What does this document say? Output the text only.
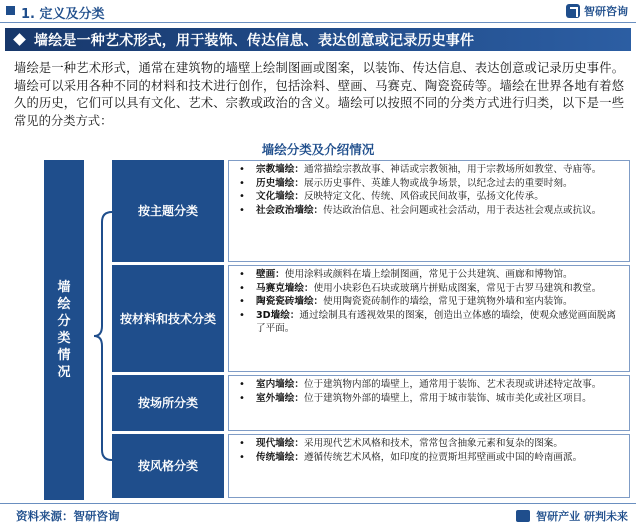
1. 定义及分类	智研咨询
墙绘是一种艺术形式，用于装饰、传达信息、表达创意或记录历史事件

墙绘是一种艺术形式，通常在建筑物的墙壁上绘制图画或图案，以装饰、传达信息、表达创意或记录历史事件。墙绘可以采用各种不同的材料和技术进行创作，包括涂料、壁画、马赛克、陶瓷瓷砖等。墙绘在世界各地有着悠久的历史，它们可以具有文化、艺术、宗教或政治的含义。墙绘可以按照不同的分类方式进行归类，以下是一些常见的分类方式：

墙绘分类及介绍情况
墙绘分类情况
按主题分类
• 宗教墙绘：通常描绘宗教故事、神话或宗教领袖，用于宗教场所如教堂、寺庙等。
• 历史墙绘：展示历史事件、英雄人物或战争场景，以纪念过去的重要时刻。
• 文化墙绘：反映特定文化、传统、风俗或民间故事，弘扬文化传承。
• 社会政治墙绘：传达政治信息、社会问题或社会活动，用于表达社会观点或抗议。
按材料和技术分类
• 壁画：使用涂料或颜料在墙上绘制图画，常见于公共建筑、画廊和博物馆。
• 马赛克墙绘：使用小块彩色石块或玻璃片拼贴成图案，常见于古罗马建筑和教堂。
• 陶瓷瓷砖墙绘：使用陶瓷瓷砖制作的墙绘，常见于建筑物外墙和室内装饰。
• 3D墙绘：通过绘制具有透视效果的图案，创造出立体感的墙绘，使观众感觉画面脱离了平面。
按场所分类
• 室内墙绘：位于建筑物内部的墙壁上，通常用于装饰、艺术表现或讲述特定故事。
• 室外墙绘：位于建筑物外部的墙壁上，常用于城市装饰、城市美化或社区项目。
按风格分类
• 现代墙绘：采用现代艺术风格和技术，常常包含抽象元素和复杂的图案。
• 传统墙绘：遵循传统艺术风格，如印度的拉贾斯坦邦壁画或中国的岭南画派。
资料来源：智研咨询	智研产业 研判未来
